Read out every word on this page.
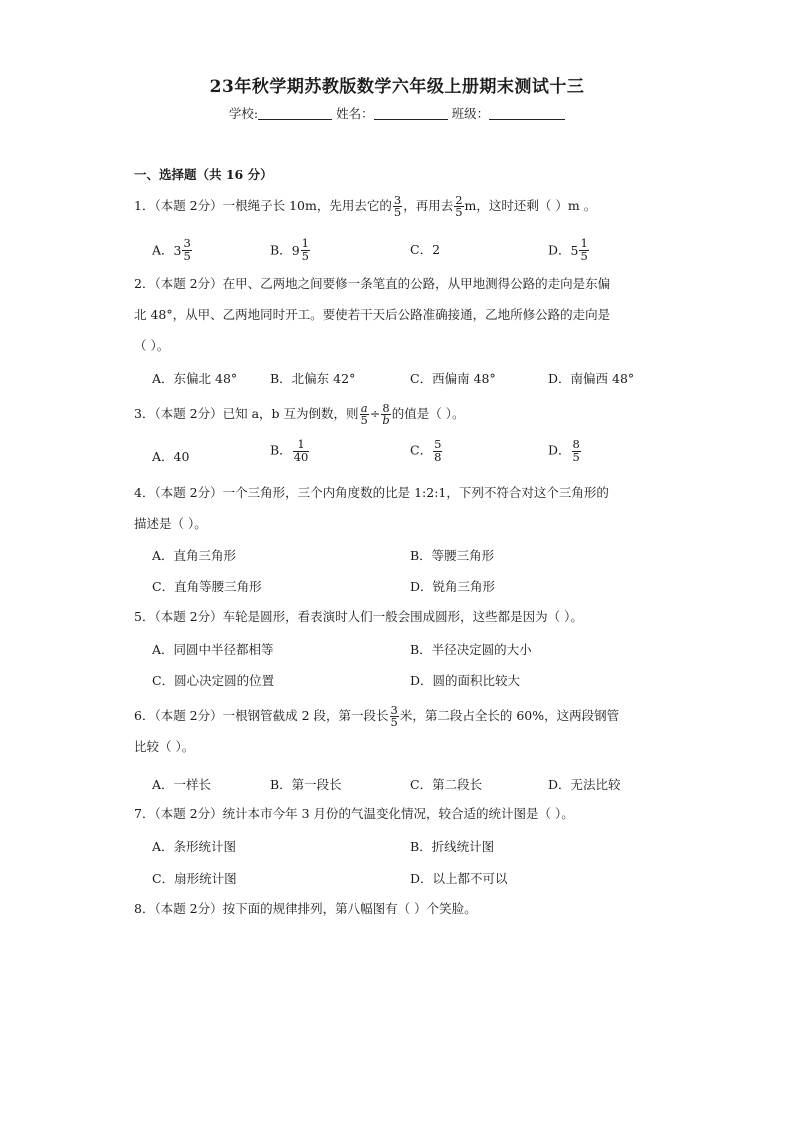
23年秋学期苏教版数学六年级上册期末测试十三
学校:	姓名：	班级：
一、选择题（共 16 分）
1．（本题 2分）一根绳子长 10m，先用去它的 $\frac{3}{5}$ ，再用去 $\frac{2}{5}$ m，这时还剩（ ）m 。
A． $3 \frac{3}{5}$	B． $9 \frac{1}{5}$	C．2	D． $5 \frac{1}{5}$
2．（本题 2分）在甲、乙两地之间要修一条笔直的公路，从甲地测得公路的走向是东偏
北 48°，从甲、乙两地同时开工。要使若干天后公路准确接通，乙地所修公路的走向是
（ ）。
A．东偏北 48°	B．北偏东 42°	C．西偏南 48°	D．南偏西 48°
3．（本题 2分）已知 a，b 互为倒数，则 $\frac{a}{5} \div \frac{8}{b}$ 的值是（ ）。
A．40	B． $\frac{1}{40}$	C． $\frac{5}{8}$	D． $\frac{8}{5}$
4．（本题 2分）一个三角形，三个内角度数的比是 1:2:1，下列不符合对这个三角形的
描述是（ ）。
A．直角三角形	B．等腰三角形
C．直角等腰三角形	D．锐角三角形
5．（本题 2分）车轮是圆形，看表演时人们一般会围成圆形，这些都是因为（ ）。
A．同圆中半径都相等	B．半径决定圆的大小
C．圆心决定圆的位置	D．圆的面积比较大
6．（本题 2分）一根钢管截成 2 段，第一段长 $\frac{3}{5}$ 米，第二段占全长的 60%，这两段钢管
比较（ ）。
A．一样长	B．第一段长	C．第二段长	D．无法比较
7．（本题 2分）统计本市今年 3 月份的气温变化情况，较合适的统计图是（ ）。
A．条形统计图	B．折线统计图
C．扇形统计图	D．以上都不可以
8．（本题 2分）按下面的规律排列，第八幅图有（ ）个笑脸。
